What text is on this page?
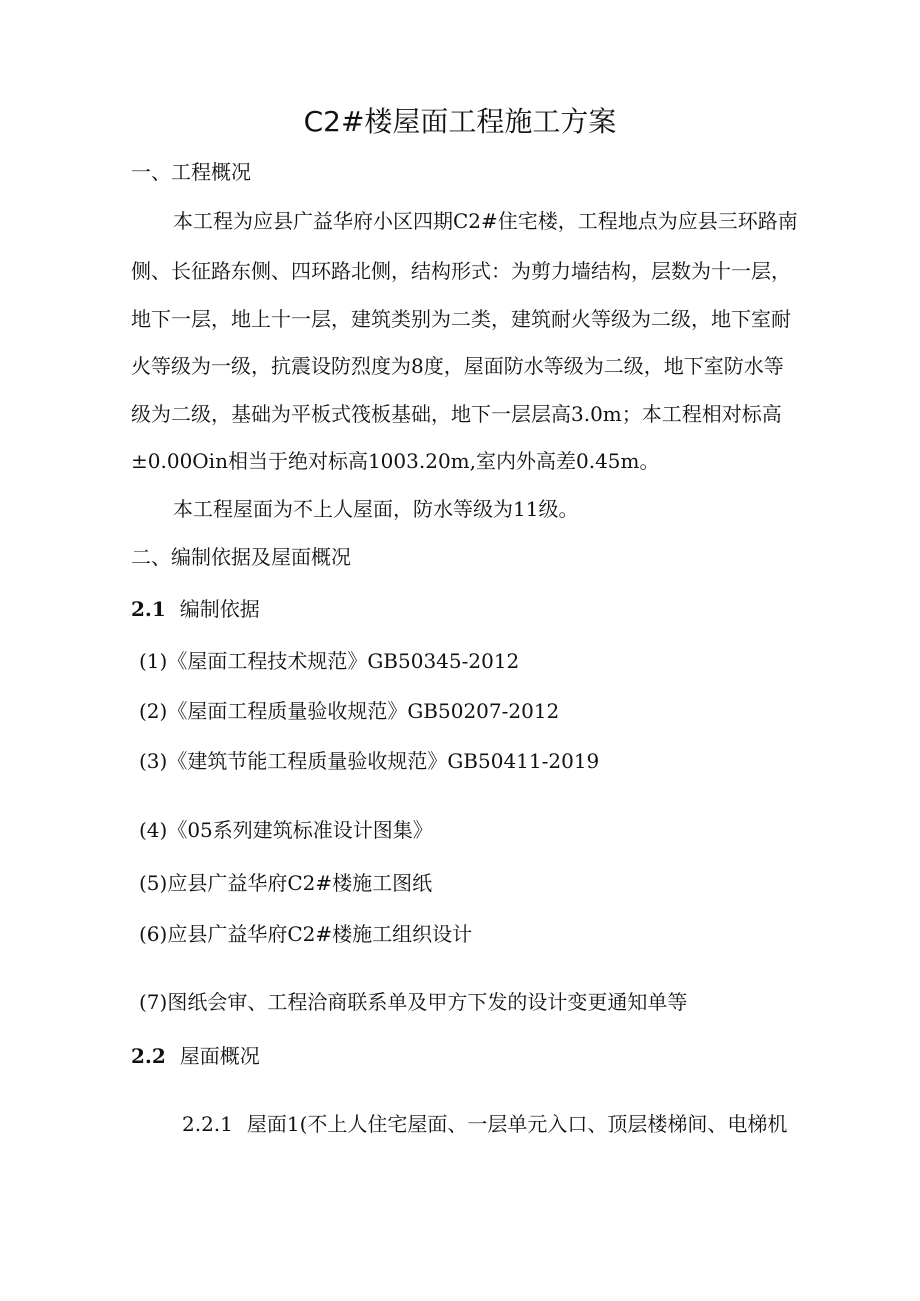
C2#楼屋面工程施工方案
一、工程概况
本工程为应县广益华府小区四期C2#住宅楼，工程地点为应县三环路南
侧、长征路东侧、四环路北侧，结构形式：为剪力墙结构，层数为十一层，
地下一层，地上十一层，建筑类别为二类，建筑耐火等级为二级，地下室耐
火等级为一级，抗震设防烈度为8度，屋面防水等级为二级，地下室防水等
级为二级，基础为平板式筏板基础，地下一层层高3.0m；本工程相对标高
±0.00Oin相当于绝对标高1003.20m,室内外高差0.45m。
本工程屋面为不上人屋面，防水等级为11级。
二、编制依据及屋面概况
2.1 编制依据
(1)《屋面工程技术规范》GB50345-2012
(2)《屋面工程质量验收规范》GB50207-2012
(3)《建筑节能工程质量验收规范》GB50411-2019
(4)《05系列建筑标准设计图集》
(5)应县广益华府C2#楼施工图纸
(6)应县广益华府C2#楼施工组织设计
(7)图纸会审、工程洽商联系单及甲方下发的设计变更通知单等
2.2 屋面概况
2.2.1 屋面1(不上人住宅屋面、一层单元入口、顶层楼梯间、电梯机
